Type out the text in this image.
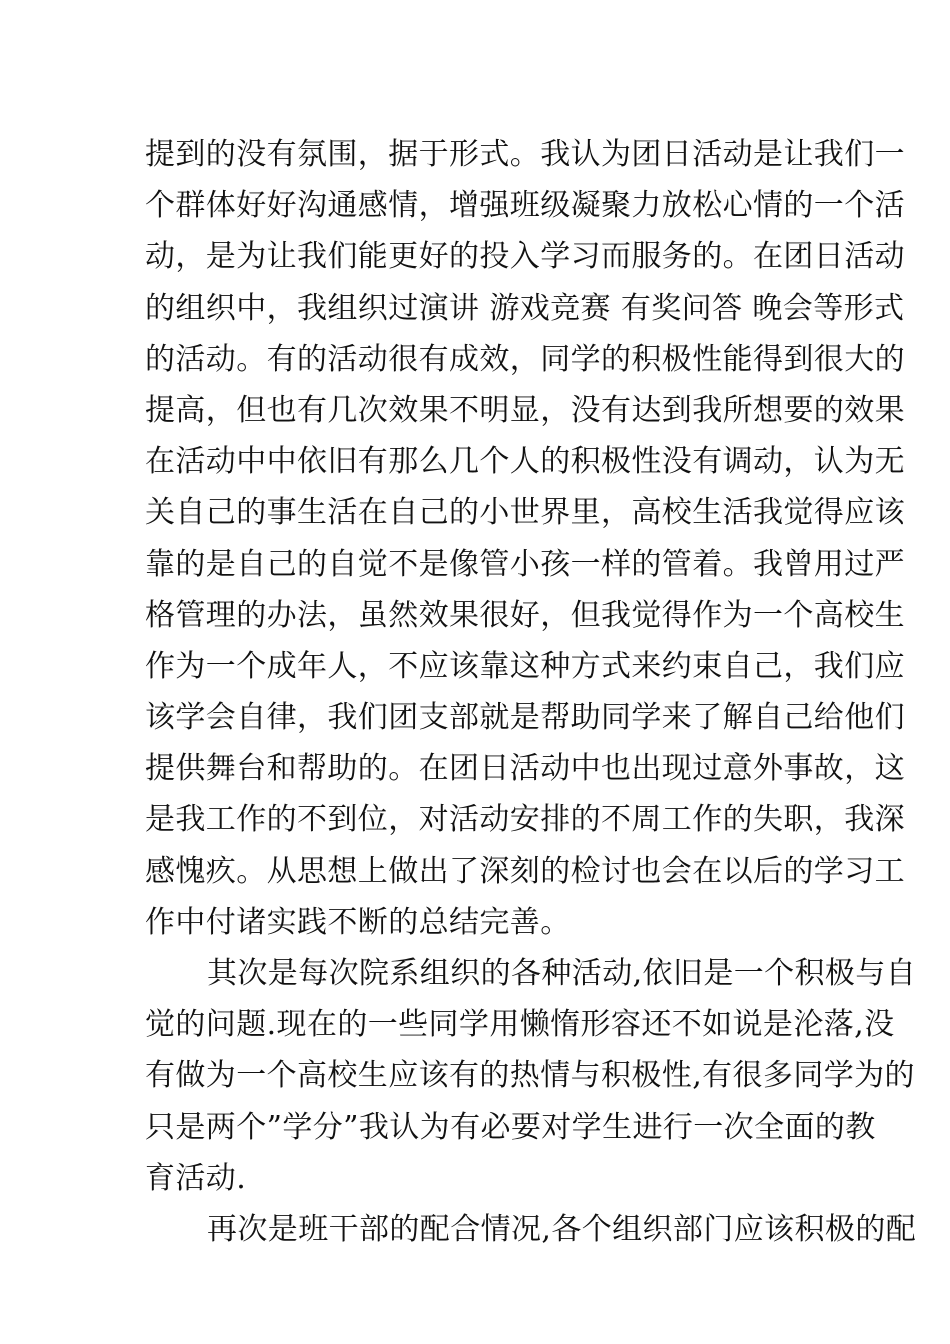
提到的没有氛围，据于形式。我认为团日活动是让我们一
个群体好好沟通感情，增强班级凝聚力放松心情的一个活
动，是为让我们能更好的投入学习而服务的。在团日活动
的组织中，我组织过演讲 游戏竞赛 有奖问答 晚会等形式
的活动。有的活动很有成效，同学的积极性能得到很大的
提高，但也有几次效果不明显，没有达到我所想要的效果
在活动中中依旧有那么几个人的积极性没有调动，认为无
关自己的事生活在自己的小世界里，高校生活我觉得应该
靠的是自己的自觉不是像管小孩一样的管着。我曾用过严
格管理的办法，虽然效果很好，但我觉得作为一个高校生
作为一个成年人，不应该靠这种方式来约束自己，我们应
该学会自律，我们团支部就是帮助同学来了解自己给他们
提供舞台和帮助的。在团日活动中也出现过意外事故，这
是我工作的不到位，对活动安排的不周工作的失职，我深
感愧疚。从思想上做出了深刻的检讨也会在以后的学习工
作中付诸实践不断的总结完善。
其次是每次院系组织的各种活动,依旧是一个积极与自
觉的问题.现在的一些同学用懒惰形容还不如说是沦落,没
有做为一个高校生应该有的热情与积极性,有很多同学为的
只是两个”学分”我认为有必要对学生进行一次全面的教
育活动.
再次是班干部的配合情况,各个组织部门应该积极的配
